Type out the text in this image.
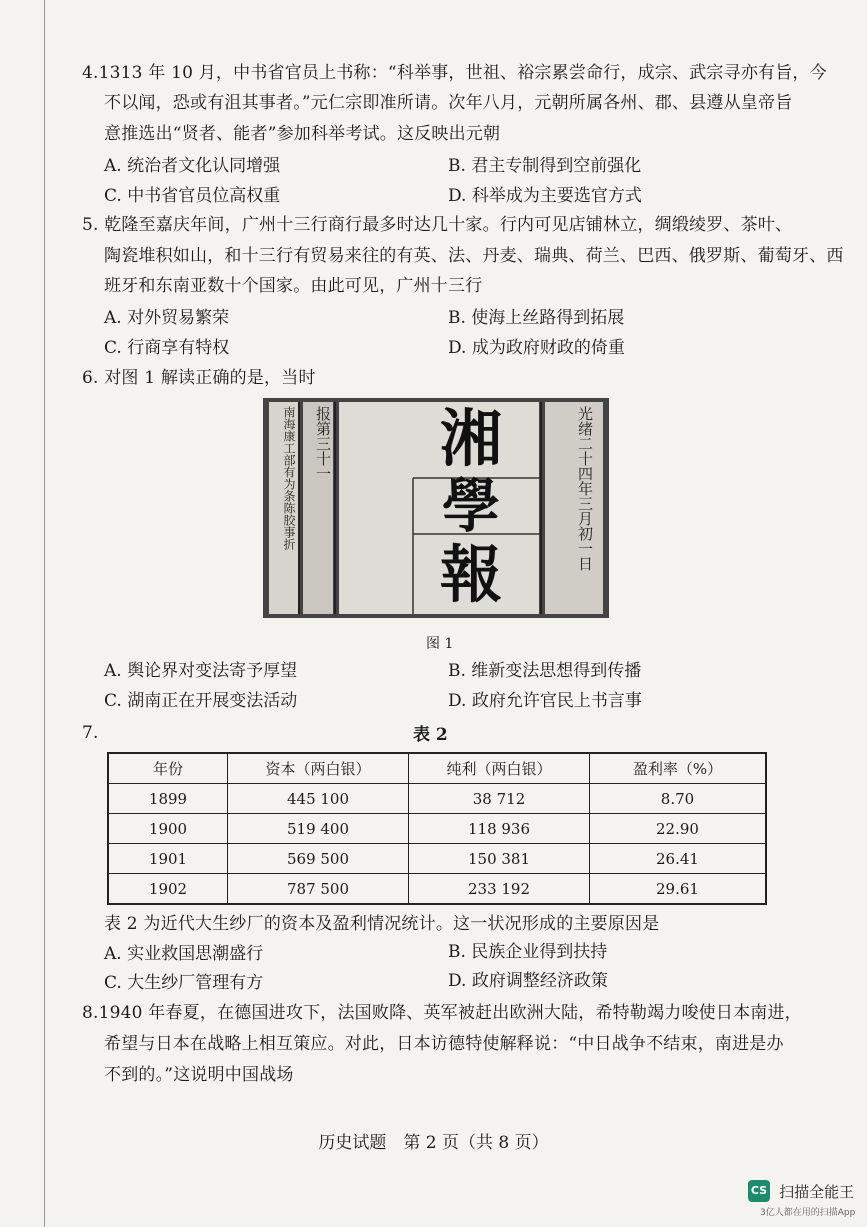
4.1313 年 10 月，中书省官员上书称：“科举事，世祖、裕宗累尝命行，成宗、武宗寻亦有旨，今
不以闻，恐或有沮其事者。”元仁宗即准所请。次年八月，元朝所属各州、郡、县遵从皇帝旨
意推选出“贤者、能者”参加科举考试。这反映出元朝
A. 统治者文化认同增强	B. 君主专制得到空前强化
C. 中书省官员位高权重	D. 科举成为主要选官方式
5. 乾隆至嘉庆年间，广州十三行商行最多时达几十家。行内可见店铺林立，绸缎绫罗、茶叶、
陶瓷堆积如山，和十三行有贸易来往的有英、法、丹麦、瑞典、荷兰、巴西、俄罗斯、葡萄牙、西
班牙和东南亚数十个国家。由此可见，广州十三行
A. 对外贸易繁荣	B. 使海上丝路得到拓展
C. 行商享有特权	D. 成为政府财政的倚重
6. 对图 1 解读正确的是，当时
南海康工部有为条陈胶事折	报第三十一	光绪二十四年三月初一日
湘
學
報
图 1
A. 舆论界对变法寄予厚望	B. 维新变法思想得到传播
C. 湖南正在开展变法活动	D. 政府允许官民上书言事
7.	表 2
年份	资本（两白银）	纯利（两白银）	盈利率（%）
1899	445 100	38 712	8.70
1900	519 400	118 936	22.90
1901	569 500	150 381	26.41
1902	787 500	233 192	29.61
表 2 为近代大生纱厂的资本及盈利情况统计。这一状况形成的主要原因是
A. 实业救国思潮盛行	B. 民族企业得到扶持
C. 大生纱厂管理有方	D. 政府调整经济政策
8.1940 年春夏，在德国进攻下，法国败降、英军被赶出欧洲大陆，希特勒竭力唆使日本南进，
希望与日本在战略上相互策应。对此，日本访德特使解释说：“中日战争不结束，南进是办
不到的。”这说明中国战场
历史试题　第 2 页（共 8 页）
CS 扫描全能王
3亿人都在用的扫描App
